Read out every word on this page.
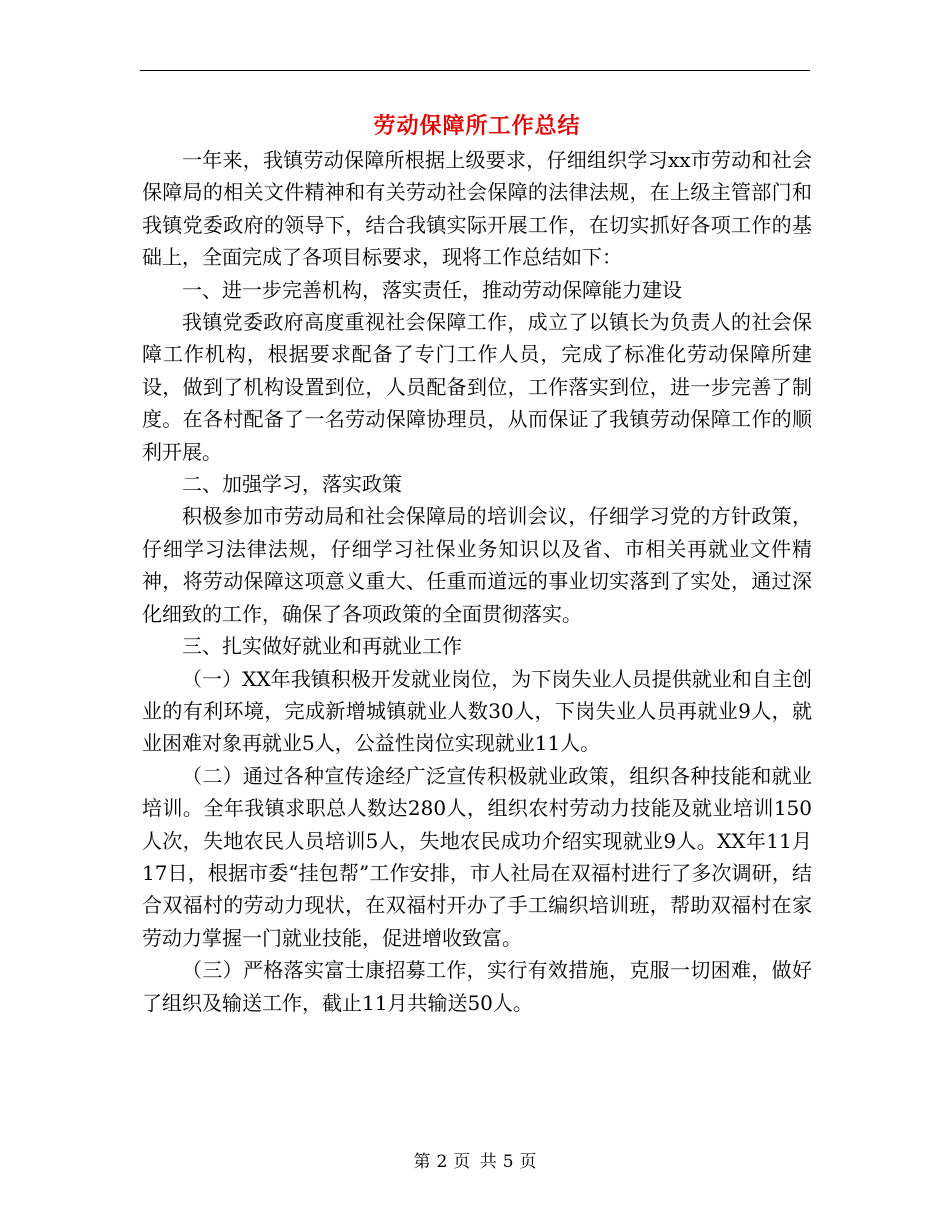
劳动保障所工作总结

一年来，我镇劳动保障所根据上级要求，仔细组织学习xx市劳动和社会保障局的相关文件精神和有关劳动社会保障的法律法规，在上级主管部门和我镇党委政府的领导下，结合我镇实际开展工作，在切实抓好各项工作的基础上，全面完成了各项目标要求，现将工作总结如下：

一、进一步完善机构，落实责任，推动劳动保障能力建设

我镇党委政府高度重视社会保障工作，成立了以镇长为负责人的社会保障工作机构，根据要求配备了专门工作人员，完成了标准化劳动保障所建设，做到了机构设置到位，人员配备到位，工作落实到位，进一步完善了制度。在各村配备了一名劳动保障协理员，从而保证了我镇劳动保障工作的顺利开展。

二、加强学习，落实政策

积极参加市劳动局和社会保障局的培训会议，仔细学习党的方针政策，仔细学习法律法规，仔细学习社保业务知识以及省、市相关再就业文件精神，将劳动保障这项意义重大、任重而道远的事业切实落到了实处，通过深化细致的工作，确保了各项政策的全面贯彻落实。

三、扎实做好就业和再就业工作

（一）XX年我镇积极开发就业岗位，为下岗失业人员提供就业和自主创业的有利环境，完成新增城镇就业人数30人，下岗失业人员再就业9人，就业困难对象再就业5人，公益性岗位实现就业11人。

（二）通过各种宣传途经广泛宣传积极就业政策，组织各种技能和就业培训。全年我镇求职总人数达280人，组织农村劳动力技能及就业培训150人次，失地农民人员培训5人，失地农民成功介绍实现就业9人。XX年11月17日，根据市委“挂包帮”工作安排，市人社局在双福村进行了多次调研，结合双福村的劳动力现状，在双福村开办了手工编织培训班，帮助双福村在家劳动力掌握一门就业技能，促进增收致富。

（三）严格落实富士康招募工作，实行有效措施，克服一切困难，做好了组织及输送工作，截止11月共输送50人。

第 2 页 共 5 页
